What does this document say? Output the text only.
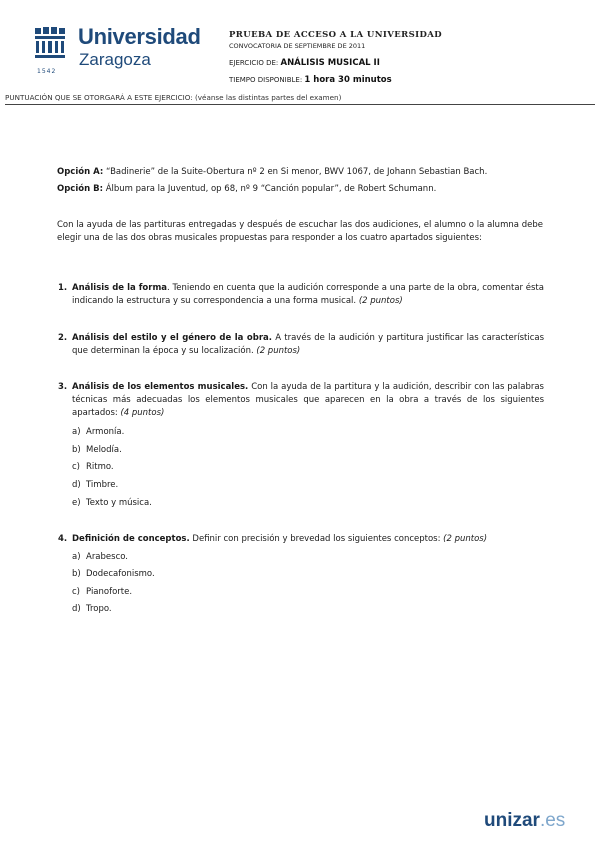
1542
Universidad
Zaragoza
PRUEBA DE ACCESO A LA UNIVERSIDAD
CONVOCATORIA DE SEPTIEMBRE DE 2011
EJERCICIO DE: ANÁLISIS MUSICAL II
TIEMPO DISPONIBLE: 1 hora 30 minutos
PUNTUACIÓN QUE SE OTORGARÁ A ESTE EJERCICIO: (véanse las distintas partes del examen)
Opción A: “Badinerie” de la Suite-Obertura nº 2 en Si menor, BWV 1067, de Johann Sebastian Bach.
Opción B: Álbum para la Juventud, op 68, nº 9 “Canción popular”, de Robert Schumann.
Con la ayuda de las partituras entregadas y después de escuchar las dos audiciones, el alumno o la alumna debe elegir una de las dos obras musicales propuestas para responder a los cuatro apartados siguientes:
1. Análisis de la forma. Teniendo en cuenta que la audición corresponde a una parte de la obra, comentar ésta indicando la estructura y su correspondencia a una forma musical. (2 puntos)
2. Análisis del estilo y el género de la obra. A través de la audición y partitura justificar las características que determinan la época y su localización. (2 puntos)
3. Análisis de los elementos musicales. Con la ayuda de la partitura y la audición, describir con las palabras técnicas más adecuadas los elementos musicales que aparecen en la obra a través de los siguientes apartados: (4 puntos)
a) Armonía.
b) Melodía.
c) Ritmo.
d) Timbre.
e) Texto y música.
4. Definición de conceptos. Definir con precisión y brevedad los siguientes conceptos: (2 puntos)
a) Arabesco.
b) Dodecafonismo.
c) Pianoforte.
d) Tropo.
unizar.es
